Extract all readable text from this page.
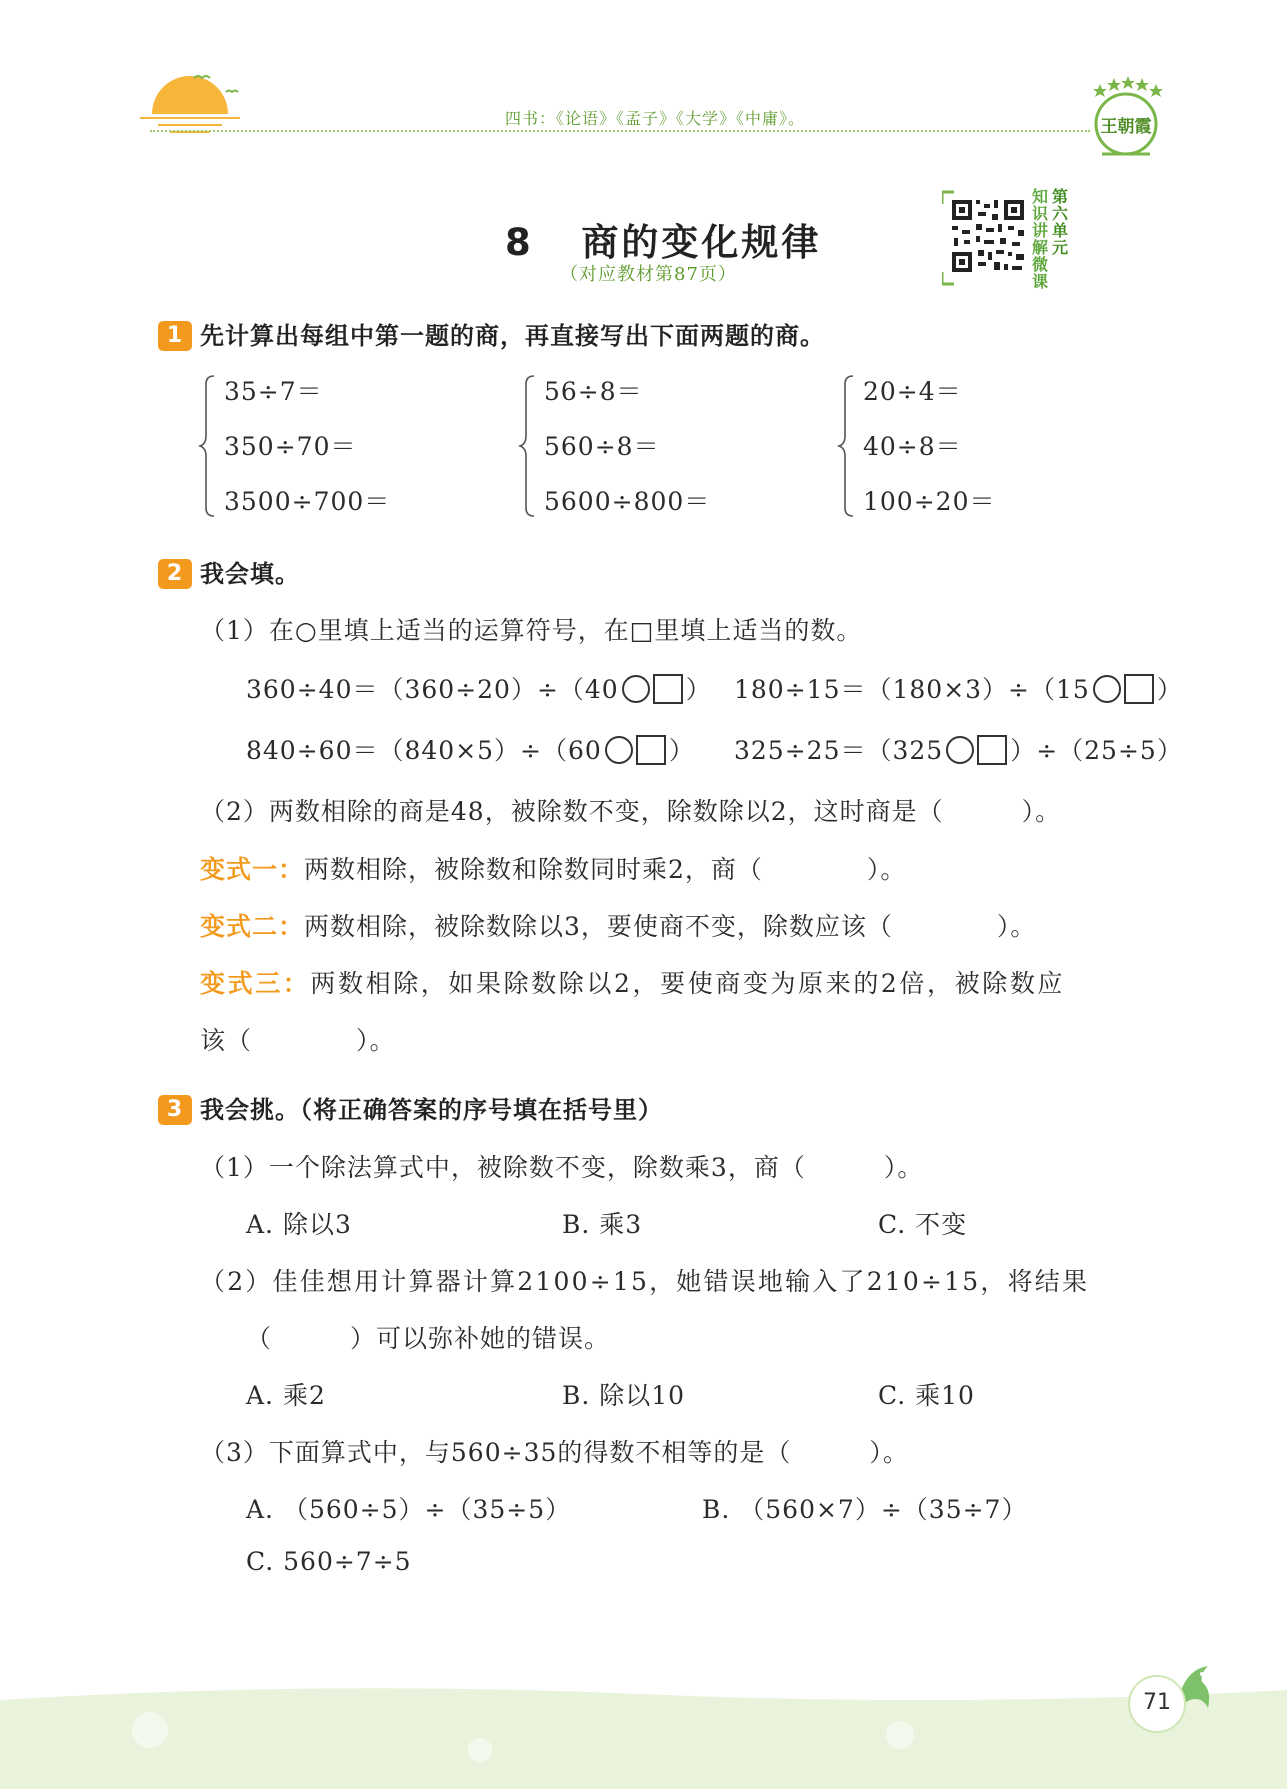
四书：《论语》《孟子》《大学》《中庸》。	王朝霞
8 商的变化规律
（对应教材第87页）
知识讲解微课第六单元
1 先计算出每组中第一题的商，再直接写出下面两题的商。
35÷7＝
350÷70＝
3500÷700＝
56÷8＝
560÷8＝
5600÷800＝
20÷4＝
40÷8＝
100÷20＝
2 我会填。
（1）在○里填上适当的运算符号，在□里填上适当的数。
360÷40＝（360÷20）÷（40	） 180÷15＝（180×3）÷（15	）
840÷60＝（840×5）÷（60	） 325÷25＝（325	）÷（25÷5）
（2）两数相除的商是48，被除数不变，除数除以2，这时商是（　　　）。
变式一：两数相除，被除数和除数同时乘2，商（　　　　）。
变式二：两数相除，被除数除以3，要使商不变，除数应该（　　　　）。
变式三：两数相除，如果除数除以2，要使商变为原来的2倍，被除数应
该（　　　　）。
3 我会挑。（将正确答案的序号填在括号里）
（1）一个除法算式中，被除数不变，除数乘3，商（　　　）。
A. 除以3	B. 乘3	C. 不变
（2）佳佳想用计算器计算2100÷15，她错误地输入了210÷15，将结果
（　　　）可以弥补她的错误。
A. 乘2	B. 除以10	C. 乘10
（3）下面算式中，与560÷35的得数不相等的是（　　　）。
A. （560÷5）÷（35÷5）	B. （560×7）÷（35÷7）
C. 560÷7÷5
71
